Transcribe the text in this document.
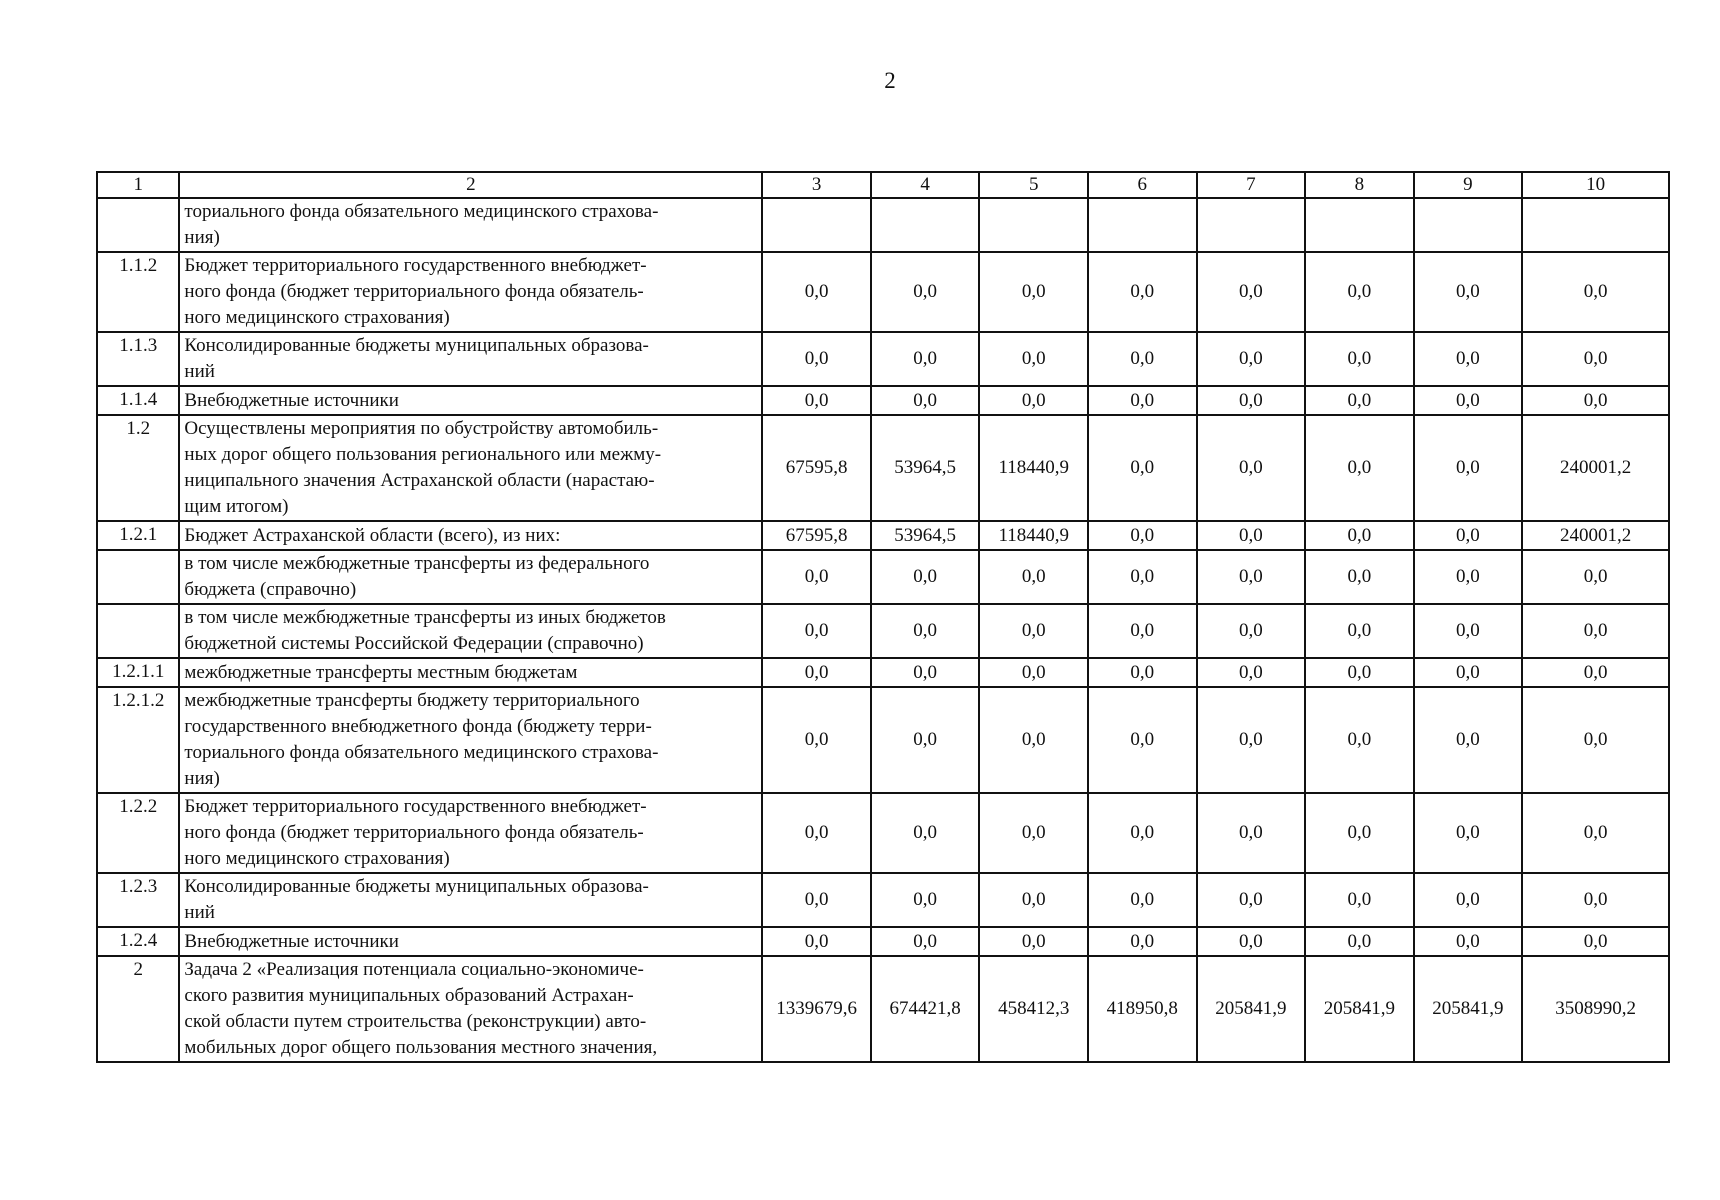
2
1	2	3	4	5	6	7	8	9	10
	ториального фонда обязательного медицинского страхова-
ния)								
1.1.2	Бюджет территориального государственного внебюджет-
ного фонда (бюджет территориального фонда обязатель-
ного медицинского страхования)	0,0	0,0	0,0	0,0	0,0	0,0	0,0	0,0
1.1.3	Консолидированные бюджеты муниципальных образова-
ний	0,0	0,0	0,0	0,0	0,0	0,0	0,0	0,0
1.1.4	Внебюджетные источники	0,0	0,0	0,0	0,0	0,0	0,0	0,0	0,0
1.2	Осуществлены мероприятия по обустройству автомобиль-
ных дорог общего пользования регионального или межму-
ниципального значения Астраханской области (нарастаю-
щим итогом)	67595,8	53964,5	118440,9	0,0	0,0	0,0	0,0	240001,2
1.2.1	Бюджет Астраханской области (всего), из них:	67595,8	53964,5	118440,9	0,0	0,0	0,0	0,0	240001,2
	в том числе межбюджетные трансферты из федерального
бюджета (справочно)	0,0	0,0	0,0	0,0	0,0	0,0	0,0	0,0
	в том числе межбюджетные трансферты из иных бюджетов
бюджетной системы Российской Федерации (справочно)	0,0	0,0	0,0	0,0	0,0	0,0	0,0	0,0
1.2.1.1	межбюджетные трансферты местным бюджетам	0,0	0,0	0,0	0,0	0,0	0,0	0,0	0,0
1.2.1.2	межбюджетные трансферты бюджету территориального
государственного внебюджетного фонда (бюджету терри-
ториального фонда обязательного медицинского страхова-
ния)	0,0	0,0	0,0	0,0	0,0	0,0	0,0	0,0
1.2.2	Бюджет территориального государственного внебюджет-
ного фонда (бюджет территориального фонда обязатель-
ного медицинского страхования)	0,0	0,0	0,0	0,0	0,0	0,0	0,0	0,0
1.2.3	Консолидированные бюджеты муниципальных образова-
ний	0,0	0,0	0,0	0,0	0,0	0,0	0,0	0,0
1.2.4	Внебюджетные источники	0,0	0,0	0,0	0,0	0,0	0,0	0,0	0,0
2	Задача 2 «Реализация потенциала социально-экономиче-
ского развития муниципальных образований Астрахан-
ской области путем строительства (реконструкции) авто-
мобильных дорог общего пользования местного значения,	1339679,6	674421,8	458412,3	418950,8	205841,9	205841,9	205841,9	3508990,2
